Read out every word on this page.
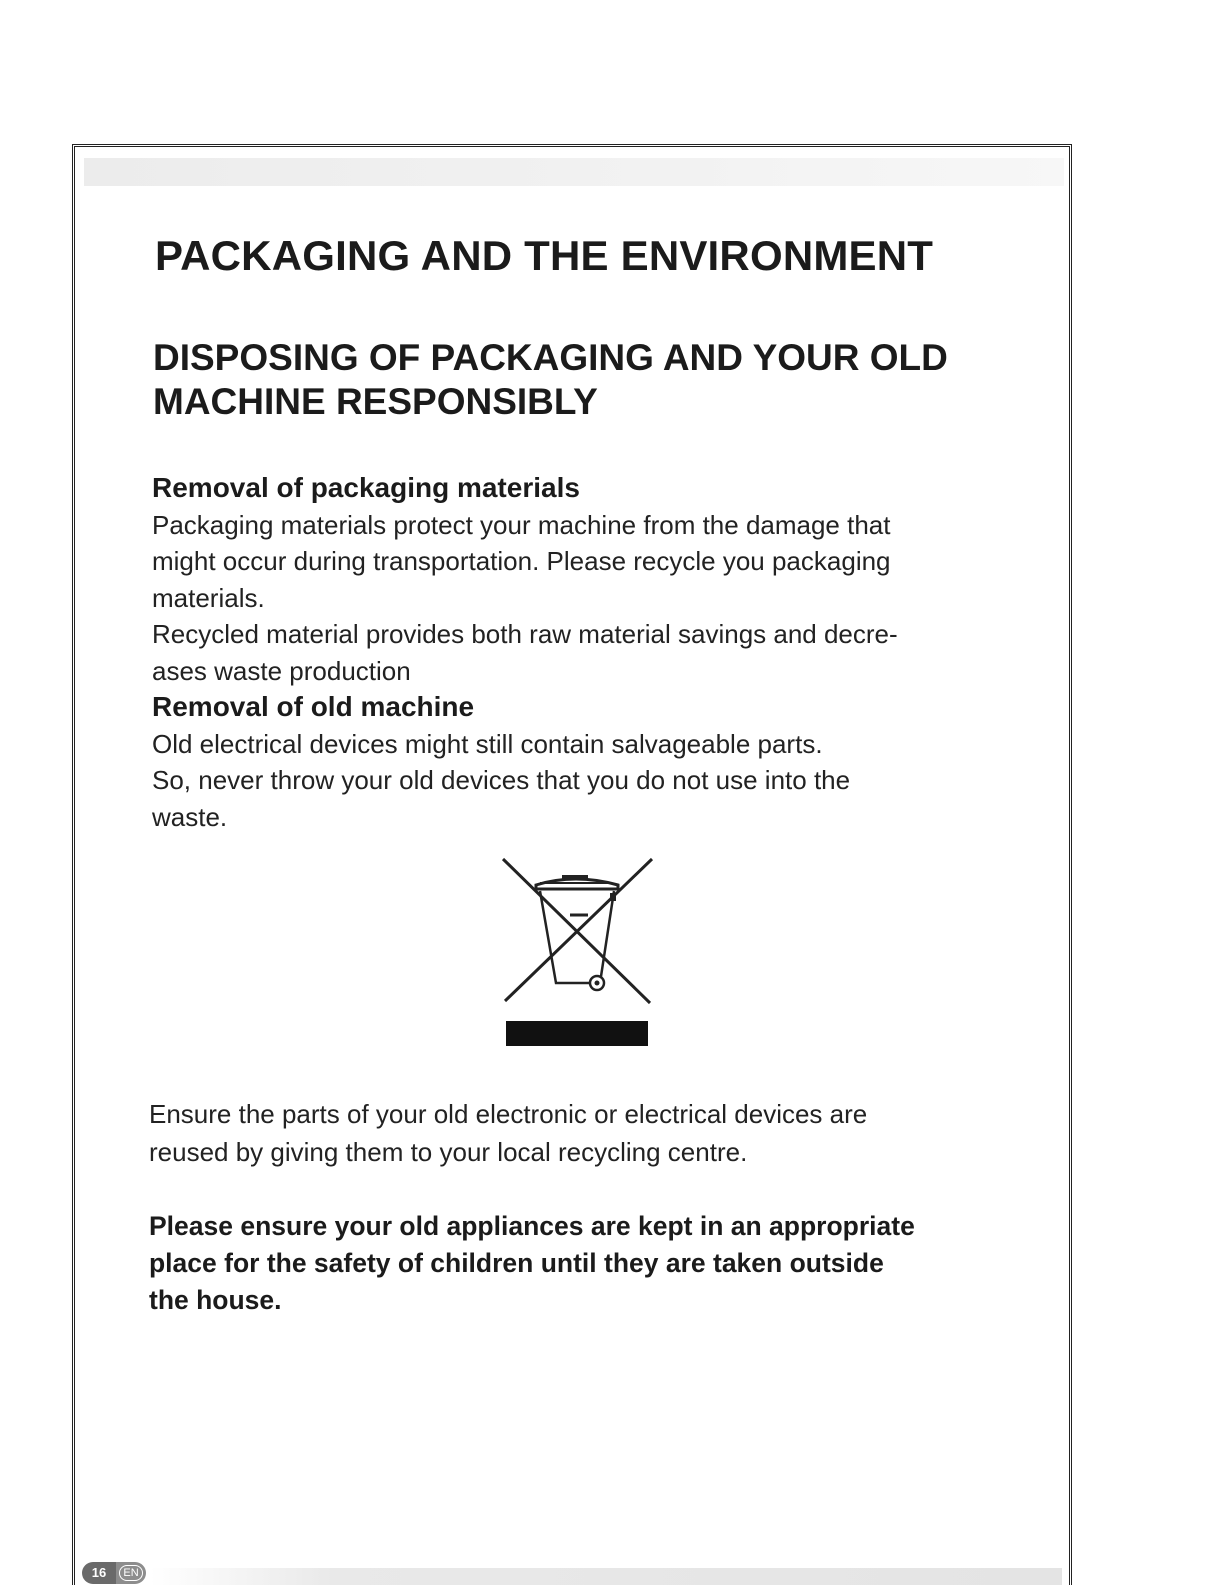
PACKAGING AND THE ENVIRONMENT
DISPOSING OF PACKAGING AND YOUR OLD
MACHINE RESPONSIBLY

Removal of packaging materials

Packaging materials protect your machine from the damage that

might occur during transportation. Please recycle you packaging

materials.

Recycled material provides both raw material savings and decre-

ases waste production

Removal of old machine

Old electrical devices might still contain salvageable parts.

So, never throw your old devices that you do not use into the

waste.

Ensure the parts of your old electronic or electrical devices are
reused by giving them to your local recycling centre.

Please ensure your old appliances are kept in an appropriate
place for the safety of children until they are taken outside
the house.

16	EN
